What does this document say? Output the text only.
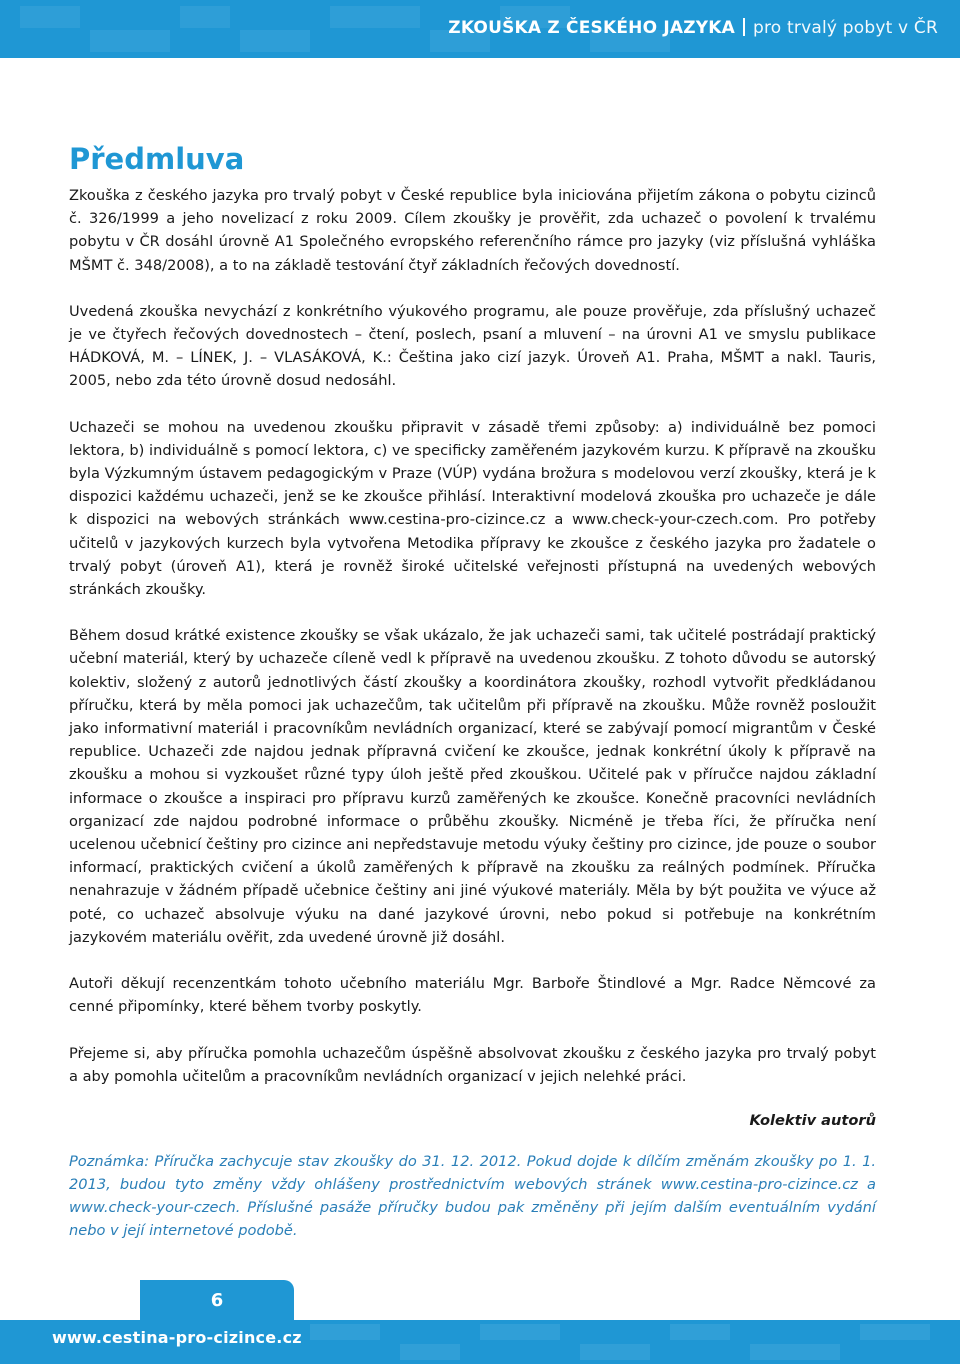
ZKOUŠKA Z ČESKÉHO JAZYKA pro trvalý pobyt v ČR
Předmluva

Zkouška z českého jazyka pro trvalý pobyt v České republice byla iniciována přijetím zákona o pobytu cizinců č. 326/1999 a jeho novelizací z roku 2009. Cílem zkoušky je prověřit, zda uchazeč o povolení k trvalému pobytu v ČR dosáhl úrovně A1 Společného evropského referenčního rámce pro jazyky (viz příslušná vyhláška MŠMT č. 348/2008), a to na základě testování čtyř základních řečových dovedností.

Uvedená zkouška nevychází z konkrétního výukového programu, ale pouze prověřuje, zda příslušný uchazeč je ve čtyřech řečových dovednostech – čtení, poslech, psaní a mluvení – na úrovni A1 ve smyslu publikace HÁDKOVÁ, M. – LÍNEK, J. – VLASÁKOVÁ, K.: Čeština jako cizí jazyk. Úroveň A1. Praha, MŠMT a nakl. Tauris, 2005, nebo zda této úrovně dosud nedosáhl.

Uchazeči se mohou na uvedenou zkoušku připravit v zásadě třemi způsoby: a) individuálně bez pomoci lektora, b) individuálně s pomocí lektora, c) ve specificky zaměřeném jazykovém kurzu. K přípravě na zkoušku byla Výzkumným ústavem pedagogickým v Praze (VÚP) vydána brožura s modelovou verzí zkoušky, která je k dispozici každému uchazeči, jenž se ke zkoušce přihlásí. Interaktivní modelová zkouška pro uchazeče je dále k dispozici na webových stránkách www.cestina-pro-cizince.cz a www.check-your-czech.com. Pro potřeby učitelů v jazykových kurzech byla vytvořena Metodika přípravy ke zkoušce z českého jazyka pro žadatele o trvalý pobyt (úroveň A1), která je rovněž široké učitelské veřejnosti přístupná na uvedených webových stránkách zkoušky.

Během dosud krátké existence zkoušky se však ukázalo, že jak uchazeči sami, tak učitelé postrádají praktický učební materiál, který by uchazeče cíleně vedl k přípravě na uvedenou zkoušku. Z tohoto důvodu se autorský kolektiv, složený z autorů jednotlivých částí zkoušky a koordinátora zkoušky, rozhodl vytvořit předkládanou příručku, která by měla pomoci jak uchazečům, tak učitelům při přípravě na zkoušku. Může rovněž posloužit jako informativní materiál i pracovníkům nevládních organizací, které se zabývají pomocí migrantům v České republice. Uchazeči zde najdou jednak přípravná cvičení ke zkoušce, jednak konkrétní úkoly k přípravě na zkoušku a mohou si vyzkoušet různé typy úloh ještě před zkouškou. Učitelé pak v příručce najdou základní informace o zkoušce a inspiraci pro přípravu kurzů zaměřených ke zkoušce. Konečně pracovníci nevládních organizací zde najdou podrobné informace o průběhu zkoušky. Nicméně je třeba říci, že příručka není ucelenou učebnicí češtiny pro cizince ani nepředstavuje metodu výuky češtiny pro cizince, jde pouze o soubor informací, praktických cvičení a úkolů zaměřených k přípravě na zkoušku za reálných podmínek. Příručka nenahrazuje v žádném případě učebnice češtiny ani jiné výukové materiály. Měla by být použita ve výuce až poté, co uchazeč absolvuje výuku na dané jazykové úrovni, nebo pokud si potřebuje na konkrétním jazykovém materiálu ověřit, zda uvedené úrovně již dosáhl.

Autoři děkují recenzentkám tohoto učebního materiálu Mgr. Barboře Štindlové a Mgr. Radce Němcové za cenné připomínky, které během tvorby poskytly.

Přejeme si, aby příručka pomohla uchazečům úspěšně absolvovat zkoušku z českého jazyka pro trvalý pobyt a aby pomohla učitelům a pracovníkům nevládních organizací v jejich nelehké práci.

Kolektiv autorů

Poznámka: Příručka zachycuje stav zkoušky do 31. 12. 2012. Pokud dojde k dílčím změnám zkoušky po 1. 1. 2013, budou tyto změny vždy ohlášeny prostřednictvím webových stránek www.cestina-pro-cizince.cz a www.check-your-czech. Příslušné pasáže příručky budou pak změněny při jejím dalším eventuálním vydání nebo v její internetové podobě.

6
www.cestina-pro-cizince.cz
